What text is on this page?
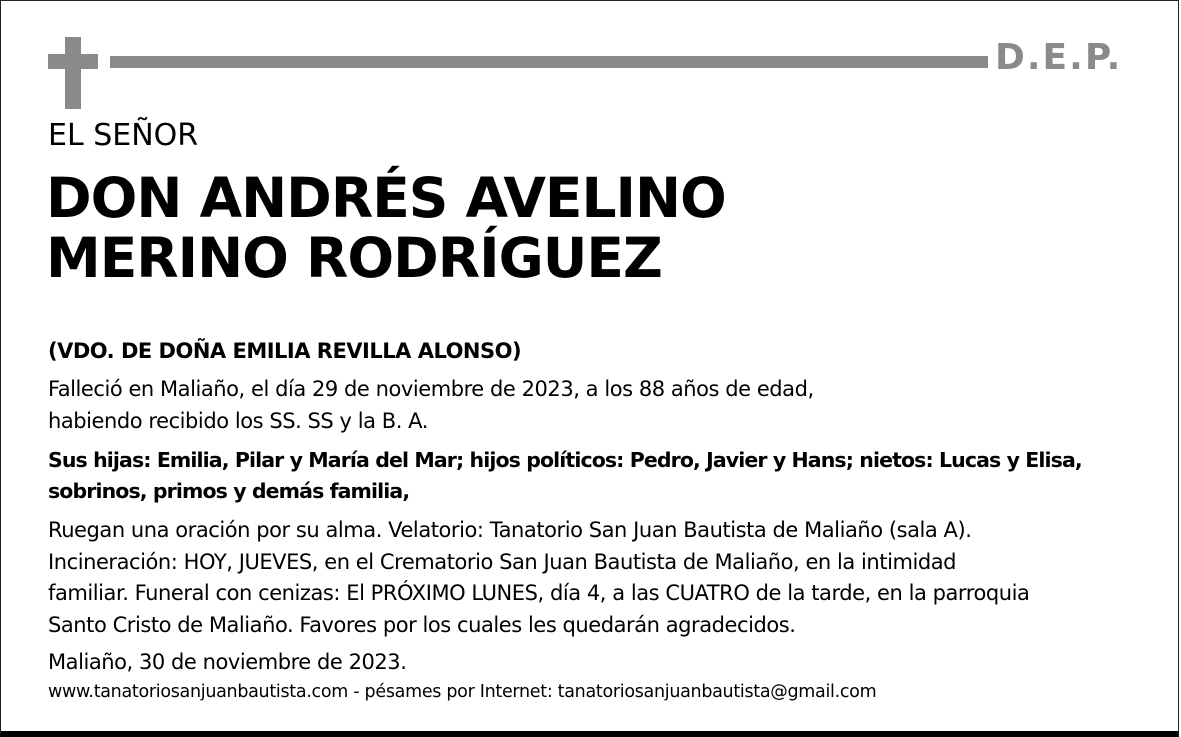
D.E.P.
EL SEÑOR
DON ANDRÉS AVELINO
MERINO RODRÍGUEZ
(VDO. DE DOÑA EMILIA REVILLA ALONSO)
Falleció en Maliaño, el día 29 de noviembre de 2023, a los 88 años de edad,
habiendo recibido los SS. SS y la B. A.
Sus hijas: Emilia, Pilar y María del Mar; hijos políticos: Pedro, Javier y Hans; nietos: Lucas y Elisa,
sobrinos, primos y demás familia,
Ruegan una oración por su alma. Velatorio: Tanatorio San Juan Bautista de Maliaño (sala A).
Incineración: HOY, JUEVES, en el Crematorio San Juan Bautista de Maliaño, en la intimidad
familiar. Funeral con cenizas: El PRÓXIMO LUNES, día 4, a las CUATRO de la tarde, en la parroquia
Santo Cristo de Maliaño. Favores por los cuales les quedarán agradecidos.
Maliaño, 30 de noviembre de 2023.
www.tanatoriosanjuanbautista.com - pésames por Internet: tanatoriosanjuanbautista@gmail.com
